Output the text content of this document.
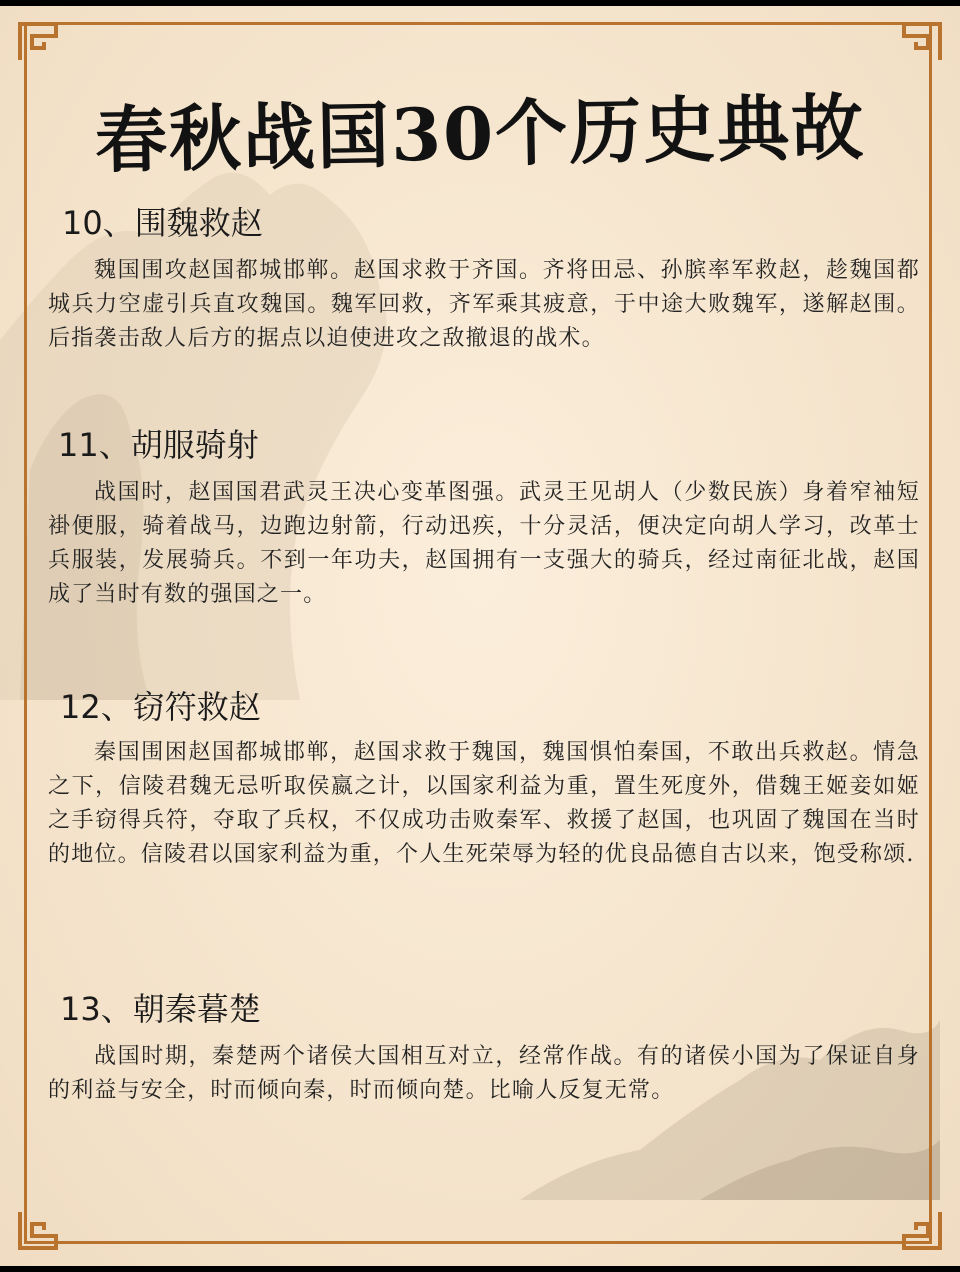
春秋战国30个历史典故
10、围魏救赵
魏国围攻赵国都城邯郸。赵国求救于齐国。齐将田忌、孙膑率军救赵，趁魏国都城兵力空虚引兵直攻魏国。魏军回救，齐军乘其疲意，于中途大败魏军，遂解赵围。后指袭击敌人后方的据点以迫使进攻之敌撤退的战术。
11、胡服骑射
战国时，赵国国君武灵王决心变革图强。武灵王见胡人（少数民族）身着窄袖短褂便服，骑着战马，边跑边射箭，行动迅疾，十分灵活，便决定向胡人学习，改革士兵服装，发展骑兵。不到一年功夫，赵国拥有一支强大的骑兵，经过南征北战，赵国成了当时有数的强国之一。
12、窃符救赵
秦国围困赵国都城邯郸，赵国求救于魏国，魏国惧怕秦国，不敢出兵救赵。情急之下，信陵君魏无忌听取侯嬴之计，以国家利益为重，置生死度外，借魏王姬妾如姬之手窃得兵符，夺取了兵权，不仅成功击败秦军、救援了赵国，也巩固了魏国在当时的地位。信陵君以国家利益为重，个人生死荣辱为轻的优良品德自古以来，饱受称颂.
13、朝秦暮楚
战国时期，秦楚两个诸侯大国相互对立，经常作战。有的诸侯小国为了保证自身的利益与安全，时而倾向秦，时而倾向楚。比喻人反复无常。
